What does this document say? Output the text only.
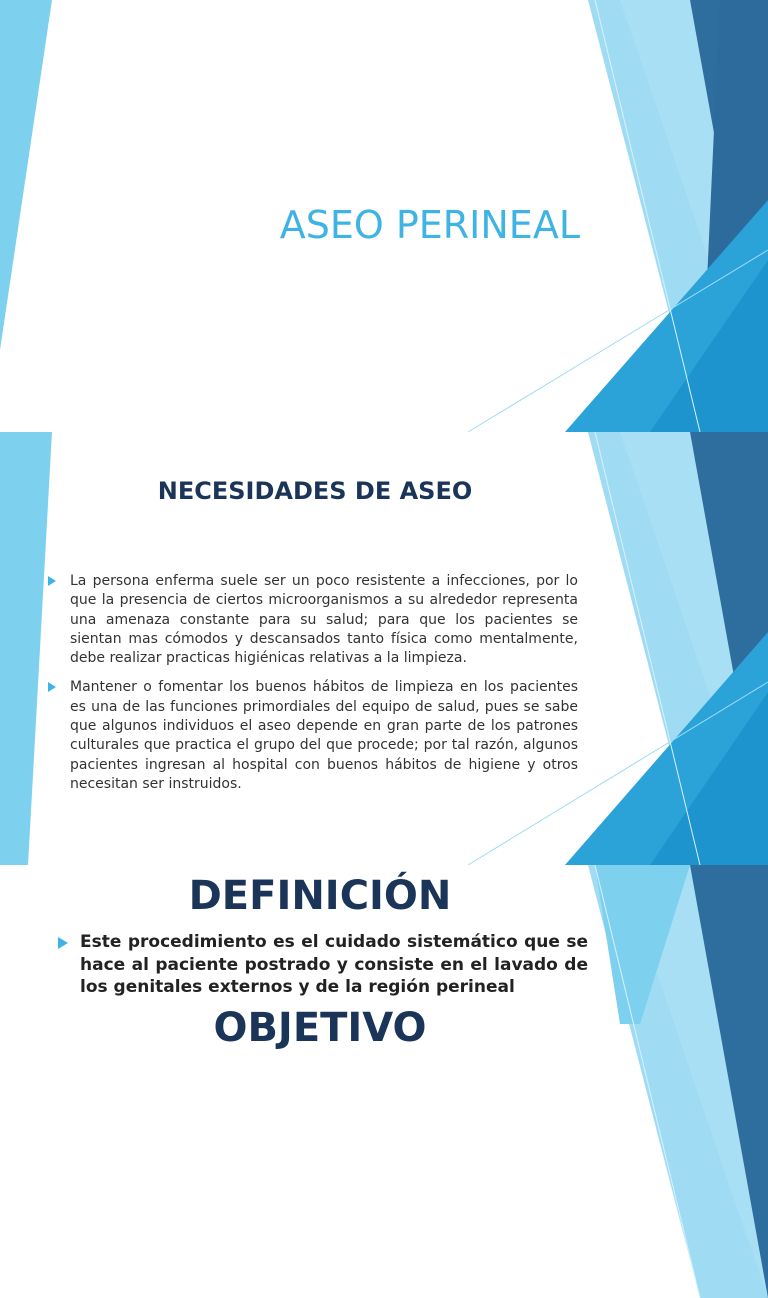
ASEO PERINEAL
NECESIDADES DE ASEO
La persona enferma suele ser un poco resistente a infecciones, por lo que la presencia de ciertos microorganismos a su alrededor representa una amenaza constante para su salud; para que los pacientes se sientan mas cómodos y descansados tanto física como mentalmente, debe realizar practicas higiénicas relativas a la limpieza.
Mantener o fomentar los buenos hábitos de limpieza en los pacientes es una de las funciones primordiales del equipo de salud, pues se sabe que algunos individuos el aseo depende en gran parte de los patrones culturales que practica el grupo del que procede; por tal razón, algunos pacientes ingresan al hospital con buenos hábitos de higiene y otros necesitan ser instruidos.
DEFINICIÓN
Este procedimiento es el cuidado sistemático que se hace al paciente postrado y consiste en el lavado de los genitales externos y de la región perineal
OBJETIVO
